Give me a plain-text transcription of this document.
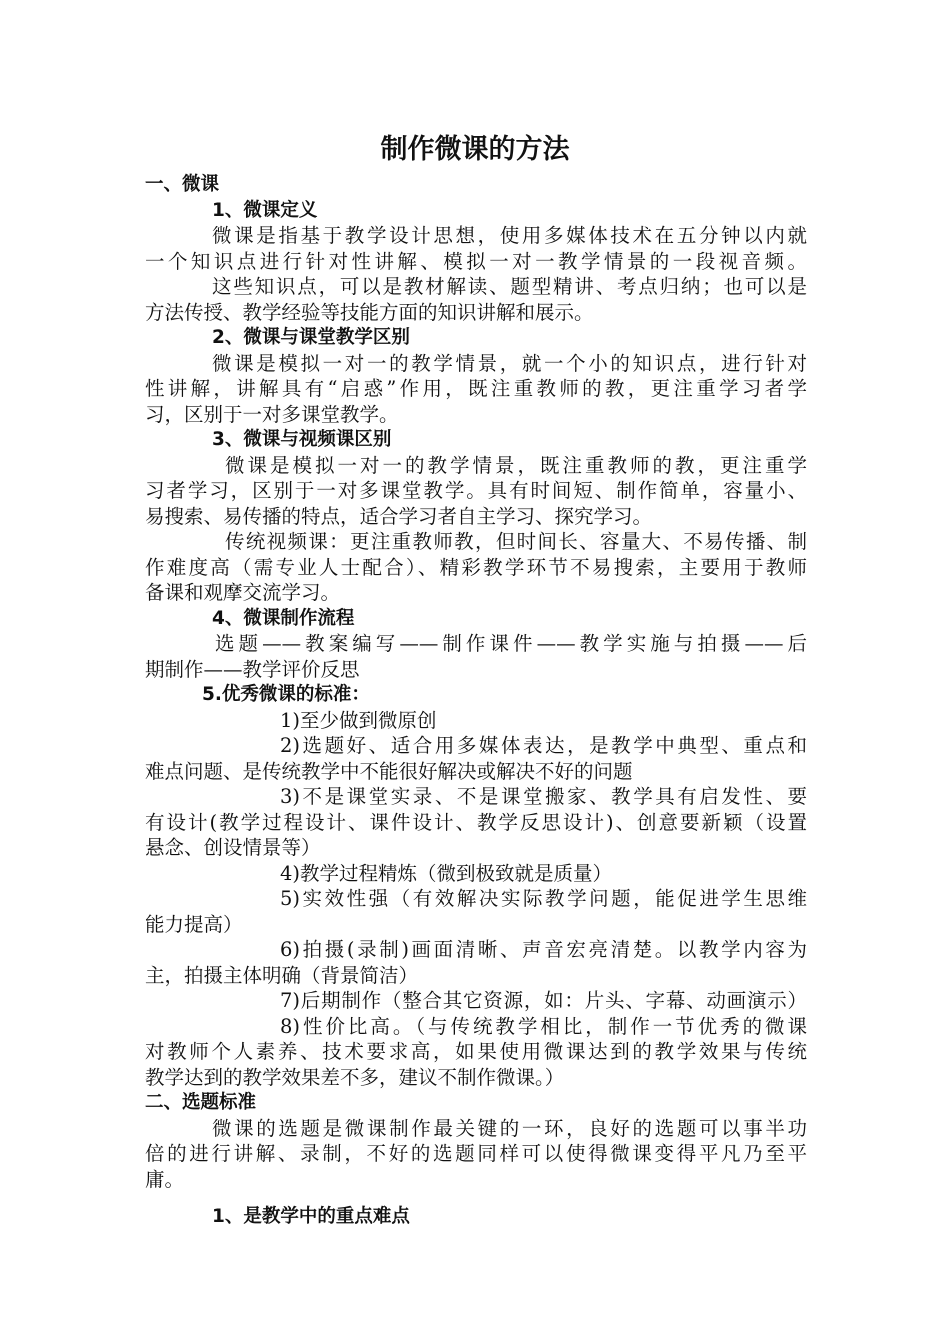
制作微课的方法
一、微课
1、微课定义
微课是指基于教学设计思想，使用多媒体技术在五分钟以内就
一个知识点进行针对性讲解、模拟一对一教学情景的一段视音频。
这些知识点，可以是教材解读、题型精讲、考点归纳；也可以是
方法传授、教学经验等技能方面的知识讲解和展示。
2、微课与课堂教学区别
微课是模拟一对一的教学情景，就一个小的知识点，进行针对
性讲解，讲解具有“启惑”作用，既注重教师的教，更注重学习者学
习，区别于一对多课堂教学。
3、微课与视频课区别
微课是模拟一对一的教学情景，既注重教师的教，更注重学
习者学习，区别于一对多课堂教学。具有时间短、制作简单，容量小、
易搜索、易传播的特点，适合学习者自主学习、探究学习。
传统视频课：更注重教师教，但时间长、容量大、不易传播、制
作难度高（需专业人士配合）、精彩教学环节不易搜索，主要用于教师
备课和观摩交流学习。
4、微课制作流程
选题——教案编写——制作课件——教学实施与拍摄——后
期制作——教学评价反思
5.优秀微课的标准：
1)至少做到微原创
2)选题好、适合用多媒体表达，是教学中典型、重点和
难点问题、是传统教学中不能很好解决或解决不好的问题
3)不是课堂实录、不是课堂搬家、教学具有启发性、要
有设计(教学过程设计、课件设计、教学反思设计)、创意要新颖（设置
悬念、创设情景等）
4)教学过程精炼（微到极致就是质量）
5)实效性强（有效解决实际教学问题，能促进学生思维
能力提高）
6)拍摄(录制)画面清晰、声音宏亮清楚。以教学内容为
主，拍摄主体明确（背景简洁）
7)后期制作（整合其它资源，如：片头、字幕、动画演示）
8)性价比高。（与传统教学相比，制作一节优秀的微课
对教师个人素养、技术要求高，如果使用微课达到的教学效果与传统
教学达到的教学效果差不多，建议不制作微课。）
二、选题标准
微课的选题是微课制作最关键的一环，良好的选题可以事半功
倍的进行讲解、录制，不好的选题同样可以使得微课变得平凡乃至平
庸。
1、是教学中的重点难点
